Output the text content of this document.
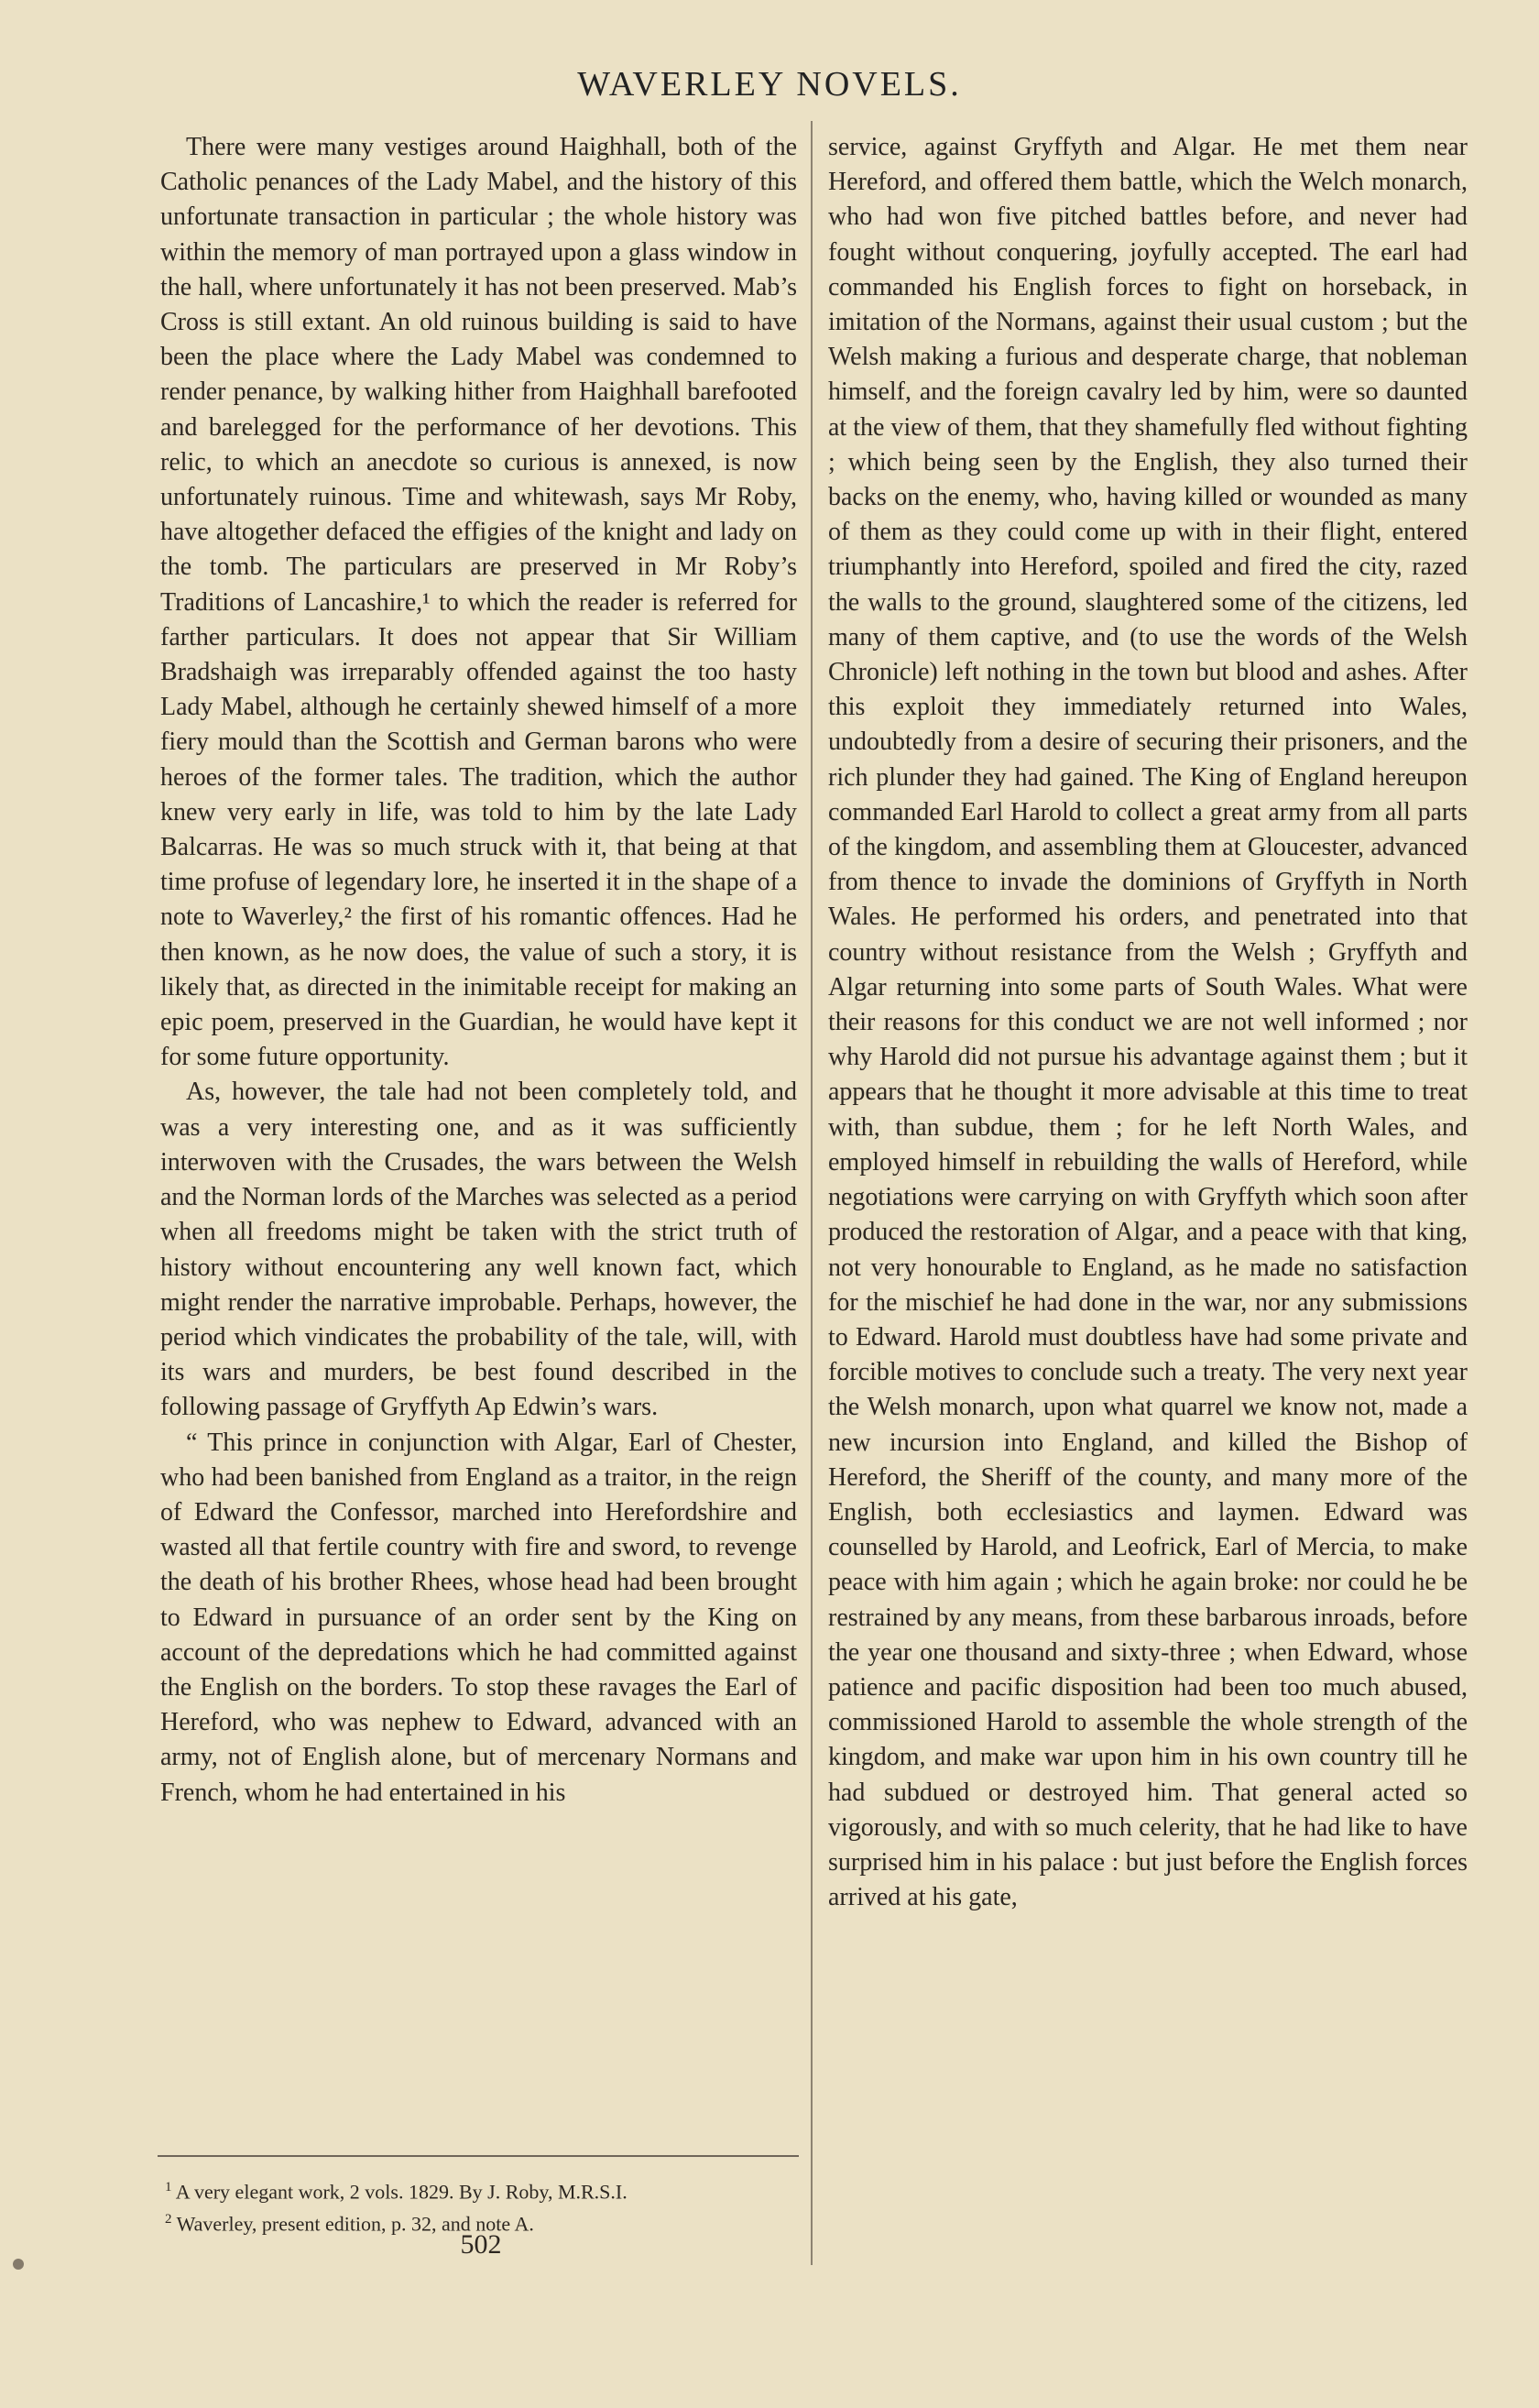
WAVERLEY NOVELS.

There were many vestiges around Haighhall, both of the Catholic penances of the Lady Mabel, and the history of this unfortunate transaction in particular ; the whole history was within the memory of man portrayed upon a glass window in the hall, where unfortunately it has not been preserved. Mab’s Cross is still extant. An old ruinous building is said to have been the place where the Lady Mabel was condemned to render penance, by walking hither from Haighhall barefooted and barelegged for the performance of her devotions. This relic, to which an anecdote so curious is annexed, is now unfortunately ruinous. Time and whitewash, says Mr Roby, have altogether defaced the effigies of the knight and lady on the tomb. The particulars are preserved in Mr Roby’s Traditions of Lancashire,¹ to which the reader is referred for farther particulars. It does not appear that Sir William Bradshaigh was irreparably offended against the too hasty Lady Mabel, although he certainly shewed himself of a more fiery mould than the Scottish and German barons who were heroes of the former tales. The tradition, which the author knew very early in life, was told to him by the late Lady Balcarras. He was so much struck with it, that being at that time profuse of legendary lore, he inserted it in the shape of a note to Waverley,² the first of his romantic offences. Had he then known, as he now does, the value of such a story, it is likely that, as directed in the inimitable receipt for making an epic poem, preserved in the Guardian, he would have kept it for some future opportunity.

As, however, the tale had not been completely told, and was a very interesting one, and as it was sufficiently interwoven with the Crusades, the wars between the Welsh and the Norman lords of the Marches was selected as a period when all freedoms might be taken with the strict truth of history without encountering any well known fact, which might render the narrative improbable. Perhaps, however, the period which vindicates the probability of the tale, will, with its wars and murders, be best found described in the following passage of Gryffyth Ap Edwin’s wars.

“ This prince in conjunction with Algar, Earl of Chester, who had been banished from England as a traitor, in the reign of Edward the Confessor, marched into Herefordshire and wasted all that fertile country with fire and sword, to revenge the death of his brother Rhees, whose head had been brought to Edward in pursuance of an order sent by the King on account of the depredations which he had committed against the English on the borders. To stop these ravages the Earl of Hereford, who was nephew to Edward, advanced with an army, not of English alone, but of mercenary Normans and French, whom he had entertained in his

service, against Gryffyth and Algar. He met them near Hereford, and offered them battle, which the Welch monarch, who had won five pitched battles before, and never had fought without conquering, joyfully accepted. The earl had commanded his English forces to fight on horseback, in imitation of the Normans, against their usual custom ; but the Welsh making a furious and desperate charge, that nobleman himself, and the foreign cavalry led by him, were so daunted at the view of them, that they shamefully fled without fighting ; which being seen by the English, they also turned their backs on the enemy, who, having killed or wounded as many of them as they could come up with in their flight, entered triumphantly into Hereford, spoiled and fired the city, razed the walls to the ground, slaughtered some of the citizens, led many of them captive, and (to use the words of the Welsh Chronicle) left nothing in the town but blood and ashes. After this exploit they immediately returned into Wales, undoubtedly from a desire of securing their prisoners, and the rich plunder they had gained. The King of England hereupon commanded Earl Harold to collect a great army from all parts of the kingdom, and assembling them at Gloucester, advanced from thence to invade the dominions of Gryffyth in North Wales. He performed his orders, and penetrated into that country without resistance from the Welsh ; Gryffyth and Algar returning into some parts of South Wales. What were their reasons for this conduct we are not well informed ; nor why Harold did not pursue his advantage against them ; but it appears that he thought it more advisable at this time to treat with, than subdue, them ; for he left North Wales, and employed himself in rebuilding the walls of Hereford, while negotiations were carrying on with Gryffyth which soon after produced the restoration of Algar, and a peace with that king, not very honourable to England, as he made no satisfaction for the mischief he had done in the war, nor any submissions to Edward. Harold must doubtless have had some private and forcible motives to conclude such a treaty. The very next year the Welsh monarch, upon what quarrel we know not, made a new incursion into England, and killed the Bishop of Hereford, the Sheriff of the county, and many more of the English, both ecclesiastics and laymen. Edward was counselled by Harold, and Leofrick, Earl of Mercia, to make peace with him again ; which he again broke: nor could he be restrained by any means, from these barbarous inroads, before the year one thousand and sixty-three ; when Edward, whose patience and pacific disposition had been too much abused, commissioned Harold to assemble the whole strength of the kingdom, and make war upon him in his own country till he had subdued or destroyed him. That general acted so vigorously, and with so much celerity, that he had like to have surprised him in his palace : but just before the English forces arrived at his gate,

$^1$ A very elegant work, 2 vols. 1829. By J. Roby, M.R.S.I.

$^2$ Waverley, present edition, p. 32, and note A.

502
